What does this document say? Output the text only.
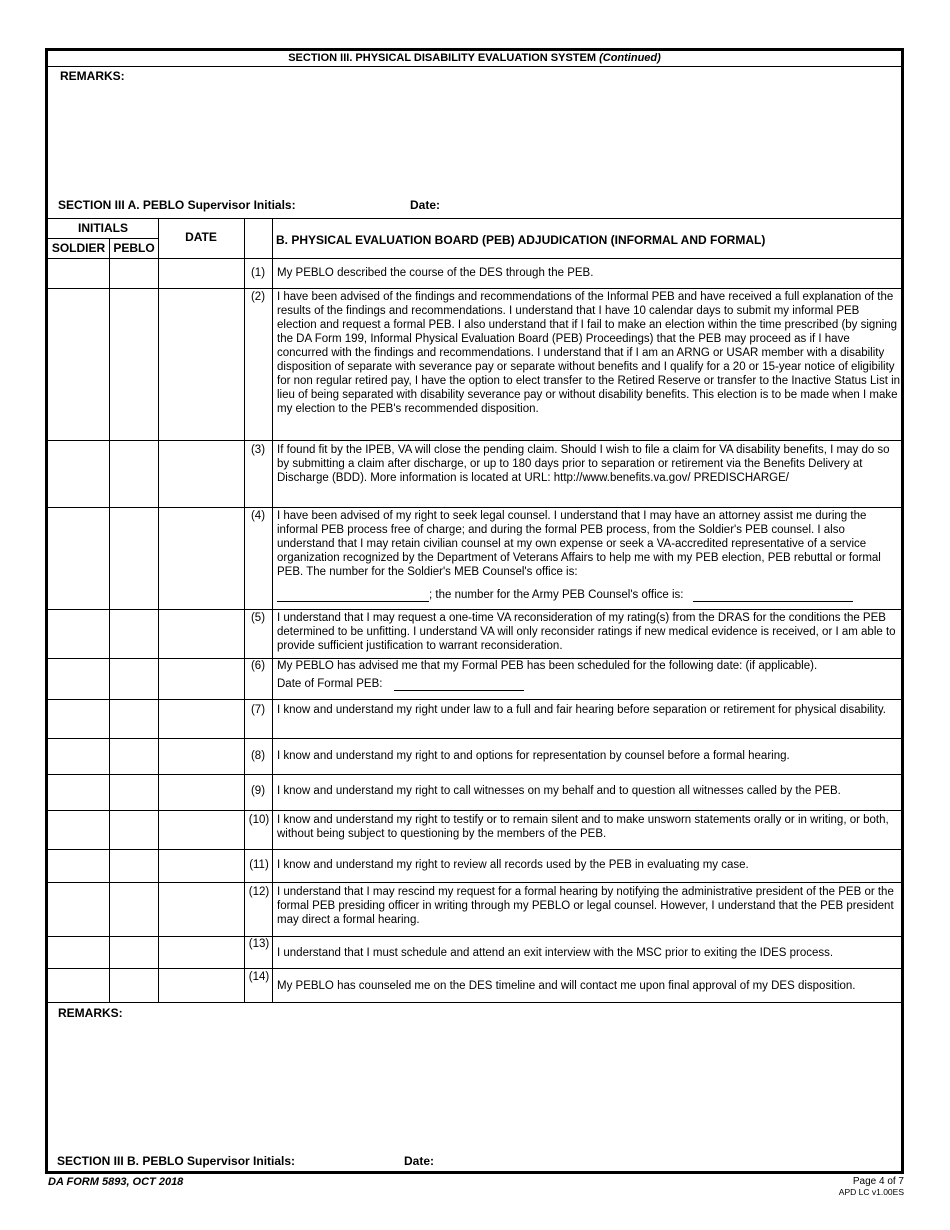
SECTION III. PHYSICAL DISABILITY EVALUATION SYSTEM (Continued)
REMARKS:
SECTION III A. PEBLO Supervisor Initials:	Date:
INITIALS
SOLDIER PEBLO
DATE	B. PHYSICAL EVALUATION BOARD (PEB) ADJUDICATION (INFORMAL AND FORMAL)
(1)	My PEBLO described the course of the DES through the PEB.
(2)	I have been advised of the findings and recommendations of the Informal PEB and have received a full explanation of the results of the findings and recommendations. I understand that I have 10 calendar days to submit my informal PEB election and request a formal PEB. I also understand that if I fail to make an election within the time prescribed (by signing the DA Form 199, Informal Physical Evaluation Board (PEB) Proceedings) that the PEB may proceed as if I have concurred with the findings and recommendations. I understand that if I am an ARNG or USAR member with a disability disposition of separate with severance pay or separate without benefits and I qualify for a 20 or 15-year notice of eligibility for non regular retired pay, I have the option to elect transfer to the Retired Reserve or transfer to the Inactive Status List in lieu of being separated with disability severance pay or without disability benefits. This election is to be made when I make my election to the PEB's recommended disposition.
(3)	If found fit by the IPEB, VA will close the pending claim. Should I wish to file a claim for VA disability benefits, I may do so by submitting a claim after discharge, or up to 180 days prior to separation or retirement via the Benefits Delivery at Discharge (BDD). More information is located at URL: http://www.benefits.va.gov/ PREDISCHARGE/
(4)	I have been advised of my right to seek legal counsel. I understand that I may have an attorney assist me during the informal PEB process free of charge; and during the formal PEB process, from the Soldier's PEB counsel. I also understand that I may retain civilian counsel at my own expense or seek a VA-accredited representative of a service organization recognized by the Department of Veterans Affairs to help me with my PEB election, PEB rebuttal or formal PEB. The number for the Soldier's MEB Counsel's office is:
; the number for the Army PEB Counsel's office is:
(5)	I understand that I may request a one-time VA reconsideration of my rating(s) from the DRAS for the conditions the PEB determined to be unfitting. I understand VA will only reconsider ratings if new medical evidence is received, or I am able to provide sufficient justification to warrant reconsideration.
(6)	My PEBLO has advised me that my Formal PEB has been scheduled for the following date: (if applicable).
Date of Formal PEB:
(7)	I know and understand my right under law to a full and fair hearing before separation or retirement for physical disability.
(8)	I know and understand my right to and options for representation by counsel before a formal hearing.
(9)	I know and understand my right to call witnesses on my behalf and to question all witnesses called by the PEB.
(10) I know and understand my right to testify or to remain silent and to make unsworn statements orally or in writing, or both, without being subject to questioning by the members of the PEB.
(11) I know and understand my right to review all records used by the PEB in evaluating my case.
(12) I understand that I may rescind my request for a formal hearing by notifying the administrative president of the PEB or the formal PEB presiding officer in writing through my PEBLO or legal counsel. However, I understand that the PEB president may direct a formal hearing.
(13)
I understand that I must schedule and attend an exit interview with the MSC prior to exiting the IDES process.
(14)
My PEBLO has counseled me on the DES timeline and will contact me upon final approval of my DES disposition.
REMARKS:
SECTION III B. PEBLO Supervisor Initials:	Date:
DA FORM 5893, OCT 2018	Page 4 of 7
APD LC v1.00ES
